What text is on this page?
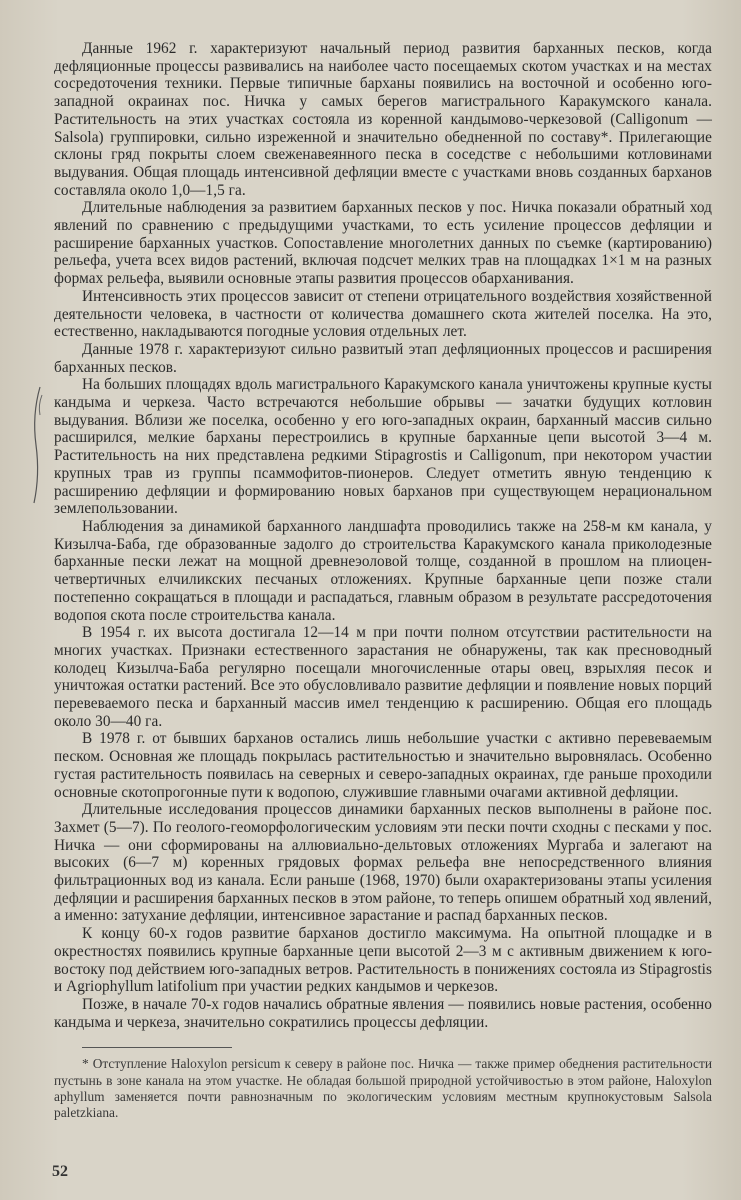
Данные 1962 г. характеризуют начальный период развития барханных песков, когда дефляционные процессы развивались на наиболее часто посещаемых скотом участках и на местах сосредоточения техники. Первые типичные барханы появились на восточной и особенно юго-западной окраинах пос. Ничка у самых берегов магистрального Каракумского канала. Растительность на этих участках состояла из коренной кандымово-черкезовой (Calligonum — Salsola) группировки, сильно изреженной и значительно обедненной по составу*. Прилегающие склоны гряд покрыты слоем свеженавеянного песка в соседстве с небольшими котловинами выдувания. Общая площадь интенсивной дефляции вместе с участками вновь созданных барханов составляла около 1,0—1,5 га.

Длительные наблюдения за развитием барханных песков у пос. Ничка показали обратный ход явлений по сравнению с предыдущими участками, то есть усиление процессов дефляции и расширение барханных участков. Сопоставление многолетних данных по съемке (картированию) рельефа, учета всех видов растений, включая подсчет мелких трав на площадках 1×1 м на разных формах рельефа, выявили основные этапы развития процессов обарханивания.

Интенсивность этих процессов зависит от степени отрицательного воздействия хозяйственной деятельности человека, в частности от количества домашнего скота жителей поселка. На это, естественно, накладываются погодные условия отдельных лет.

Данные 1978 г. характеризуют сильно развитый этап дефляционных процессов и расширения барханных песков.

На больших площадях вдоль магистрального Каракумского канала уничтожены крупные кусты кандыма и черкеза. Часто встречаются небольшие обрывы — зачатки будущих котловин выдувания. Вблизи же поселка, особенно у его юго-западных окраин, барханный массив сильно расширился, мелкие барханы перестроились в крупные барханные цепи высотой 3—4 м. Растительность на них представлена редкими Stipagrostis и Calligonum, при некотором участии крупных трав из группы псаммофитов-пионеров. Следует отметить явную тенденцию к расширению дефляции и формированию новых барханов при существующем нерациональном землепользовании.

Наблюдения за динамикой барханного ландшафта проводились также на 258-м км канала, у Кизылча-Баба, где образованные задолго до строительства Каракумского канала приколодезные барханные пески лежат на мощной древнеэоловой толще, созданной в прошлом на плиоцен-четвертичных елчиликских песчаных отложениях. Крупные барханные цепи позже стали постепенно сокращаться в площади и распадаться, главным образом в результате рассредоточения водопоя скота после строительства канала.

В 1954 г. их высота достигала 12—14 м при почти полном отсутствии растительности на многих участках. Признаки естественного зарастания не обнаружены, так как пресноводный колодец Кизылча-Баба регулярно посещали многочисленные отары овец, взрыхляя песок и уничтожая остатки растений. Все это обусловливало развитие дефляции и появление новых порций перевеваемого песка и барханный массив имел тенденцию к расширению. Общая его площадь около 30—40 га.

В 1978 г. от бывших барханов остались лишь небольшие участки с активно перевеваемым песком. Основная же площадь покрылась растительностью и значительно выровнялась. Особенно густая растительность появилась на северных и северо-западных окраинах, где раньше проходили основные скотопрогонные пути к водопою, служившие главными очагами активной дефляции.

Длительные исследования процессов динамики барханных песков выполнены в районе пос. Захмет (5—7). По геолого-геоморфологическим условиям эти пески почти сходны с песками у пос. Ничка — они сформированы на аллювиально-дельтовых отложениях Мургаба и залегают на высоких (6—7 м) коренных грядовых формах рельефа вне непосредственного влияния фильтрационных вод из канала. Если раньше (1968, 1970) были охарактеризованы этапы усиления дефляции и расширения барханных песков в этом районе, то теперь опишем обратный ход явлений, а именно: затухание дефляции, интенсивное зарастание и распад барханных песков.

К концу 60-х годов развитие барханов достигло максимума. На опытной площадке и в окрестностях появились крупные барханные цепи высотой 2—3 м с активным движением к юго-востоку под действием юго-западных ветров. Растительность в понижениях состояла из Stipagrostis и Agriophyllum latifolium при участии редких кандымов и черкезов.

Позже, в начале 70-х годов начались обратные явления — появились новые растения, особенно кандыма и черкеза, значительно сократились процессы дефляции.

* Отступление Haloxylon persicum к северу в районе пос. Ничка — также пример обеднения растительности пустынь в зоне канала на этом участке. Не обладая большой природной устойчивостью в этом районе, Haloxylon aphyllum заменяется почти равнозначным по экологическим условиям местным крупнокустовым Salsola paletzkiana.

52
